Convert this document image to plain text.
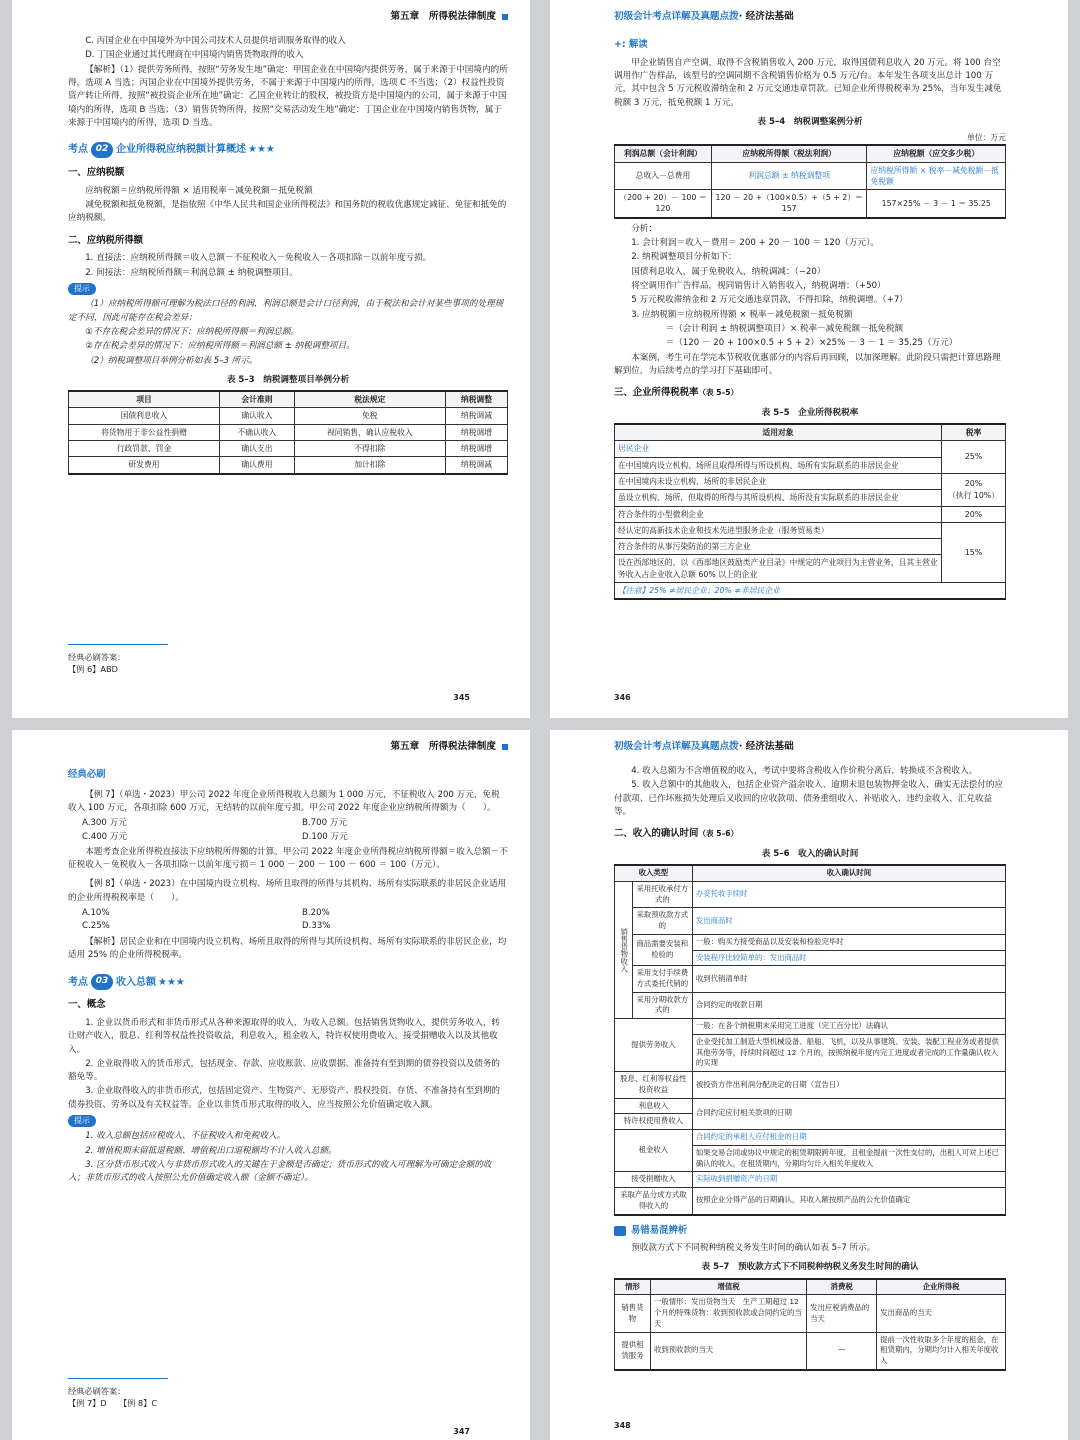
第五章　所得税法律制度

C. 丙国企业在中国境外为中国公司技术人员提供培训服务取得的收入

D. 丁国企业通过其代理商在中国境内销售货物取得的收入

【解析】（1）提供劳务所得，按照“劳务发生地”确定：甲国企业在中国境内提供劳务，属于来源于中国境内的所得，选项 A 当选；丙国企业在中国境外提供劳务，不属于来源于中国境内的所得，选项 C 不当选；（2）权益性投资资产转让所得，按照“被投资企业所在地”确定：乙国企业转让的股权，被投资方是中国境内的公司，属于来源于中国境内的所得，选项 B 当选；（3）销售货物所得，按照“交易活动发生地”确定：丁国企业在中国境内销售货物，属于来源于中国境内的所得，选项 D 当选。

考点 02 企业所得税应纳税额计算概述 ★★★
一、应纳税额

应纳税额＝应纳税所得额 × 适用税率－减免税额－抵免税额

减免税额和抵免税额，是指依照《中华人民共和国企业所得税法》和国务院的税收优惠规定减征、免征和抵免的应纳税额。

二、应纳税所得额

1. 直接法：应纳税所得额＝收入总额－不征税收入－免税收入－各项扣除－以前年度亏损。

2. 间接法：应纳税所得额＝利润总额 ± 纳税调整项目。

提示

（1）应纳税所得额可理解为税法口径的利润，利润总额是会计口径利润，由于税法和会计对某些事项的处理规定不同，因此可能存在税会差异：

①不存在税会差异的情况下：应纳税所得额＝利润总额。

②存在税会差异的情况下：应纳税所得额＝利润总额 ± 纳税调整项目。

（2）纳税调整项目举例分析如表 5–3 所示。

表 5–3　纳税调整项目举例分析
项目	会计准则	税法规定	纳税调整
国债利息收入	确认收入	免税	纳税调减
将货物用于非公益性捐赠	不确认收入	视同销售，确认应税收入	纳税调增
行政罚款、罚金	确认支出	不得扣除	纳税调增
研发费用	确认费用	加计扣除	纳税调减
经典必刷答案：
【例 6】ABD
345
初级会计考点详解及真题点拨 · 经济法基础
+: 解读

甲企业销售自产空调，取得不含税销售收入 200 万元，取得国债利息收入 20 万元。将 100 台空调用作广告样品，该型号的空调同期不含税销售价格为 0.5 万元/台。本年发生各项支出总计 100 万元，其中包含 5 万元税收滞纳金和 2 万元交通违章罚款。已知企业所得税税率为 25%，当年发生减免税额 3 万元，抵免税额 1 万元。

表 5–4　纳税调整案例分析
单位：万元
利润总额（会计利润）	应纳税所得额（税法利润）	应纳税额（应交多少税）
总收入－总费用	利润总额 ± 纳税调整项	应纳税所得额 × 税率－减免税额－抵免税额
（200 + 20）－ 100 ＝ 120	120 － 20 +（100×0.5）+（5 + 2）＝ 157	157×25% － 3 － 1 ＝ 35.25

分析：

1. 会计利润＝收入－费用＝ 200 + 20 － 100 ＝ 120（万元）。

2. 纳税调整项目分析如下：

国债利息收入，属于免税收入，纳税调减：（−20）

将空调用作广告样品，视同销售计入销售收入，纳税调增：（+50）

5 万元税收滞纳金和 2 万元交通违章罚款，不得扣除，纳税调增。（+7）

3. 应纳税额＝应纳税所得额 × 税率－减免税额－抵免税额

＝（会计利润 ± 纳税调整项目）× 税率－减免税额－抵免税额

＝（120 － 20 + 100×0.5 + 5 + 2）×25% － 3 － 1 ＝ 35.25（万元）

本案例，考生可在学完本节税收优惠部分的内容后再回顾，以加深理解。此阶段只需把计算思路理解到位，为后续考点的学习打下基础即可。

三、企业所得税税率（表 5–5）
表 5–5　企业所得税税率
适用对象	税率
居民企业	25%
在中国境内设立机构、场所且取得所得与所设机构、场所有实际联系的非居民企业	
在中国境内未设立机构、场所的非居民企业	20%
（执行 10%）

虽设立机构、场所，但取得的所得与其所设机构、场所没有实际联系的非居民企业	
符合条件的小型微利企业	20%
经认定的高新技术企业和技术先进型服务企业（服务贸易类）	15%
符合条件的从事污染防治的第三方企业	
设在西部地区的，以《西部地区鼓励类产业目录》中规定的产业项目为主营业务，且其主营业务收入占企业收入总额 60% 以上的企业	
【注意】25% ≠居民企业；20% ≠非居民企业	
346
第五章　所得税法律制度
经典必刷

【例 7】（单选・2023）甲公司 2022 年度企业所得税收入总额为 1 000 万元，不征税收入 200 万元，免税收入 100 万元，各项扣除 600 万元，无结转的以前年度亏损。甲公司 2022 年度企业应纳税所得额为（　　）。

A.300 万元	B.700 万元
C.400 万元	D.100 万元

本题考查企业所得税直接法下应纳税所得额的计算。甲公司 2022 年度企业所得税应纳税所得额＝收入总额－不征税收入－免税收入－各项扣除－以前年度亏损＝ 1 000 － 200 － 100 － 600 ＝ 100（万元）。

【例 8】（单选・2023）在中国境内设立机构、场所且取得的所得与其机构、场所有实际联系的非居民企业适用的企业所得税税率是（　　）。

A.10%	B.20%
C.25%	D.33%

【解析】居民企业和在中国境内设立机构、场所且取得的所得与其所设机构、场所有实际联系的非居民企业，均适用 25% 的企业所得税税率。

考点 03 收入总额 ★★★
一、概念

1. 企业以货币形式和非货币形式从各种来源取得的收入，为收入总额。包括销售货物收入，提供劳务收入，转让财产收入，股息、红利等权益性投资收益，利息收入，租金收入，特许权使用费收入，接受捐赠收入以及其他收入。

2. 企业取得收入的货币形式，包括现金、存款、应收账款、应收票据、准备持有至到期的债券投资以及债务的豁免等。

3. 企业取得收入的非货币形式，包括固定资产、生物资产、无形资产、股权投资、存货、不准备持有至到期的债券投资、劳务以及有关权益等。企业以非货币形式取得的收入，应当按照公允价值确定收入额。

提示

1. 收入总额包括应税收入、不征税收入和免税收入。

2. 增值税期末留抵退税额、增值税出口退税额均不计入收入总额。

3. 区分货币形式收入与非货币形式收入的关键在于金额是否确定；货币形式的收入可理解为可确定金额的收入；非货币形式的收入按照公允价值确定收入额（金额不确定）。

经典必刷答案：
【例 7】D　　【例 8】C
347
初级会计考点详解及真题点拨 · 经济法基础

4. 收入总额为不含增值税的收入，考试中要将含税收入作价税分离后，转换成不含税收入。

5. 收入总额中的其他收入，包括企业资产溢余收入、逾期未退包装物押金收入、确实无法偿付的应付款项、已作坏账损失处理后又收回的应收款项、债务重组收入、补贴收入、违约金收入、汇兑收益等。

二、收入的确认时间（表 5–6）
表 5–6　收入的确认时间
收入类型		收入确认时间
销售货物收入	采用托收承付方式的	办妥托收手续时
	采取预收款方式的	发出商品时
	商品需要安装和检验的	一般：购买方接受商品以及安装和检验完毕时
		安装程序比较简单的：发出商品时
	采用支付手续费方式委托代销的	收到代销清单时
	采用分期收款方式的	合同约定的收款日期
提供劳务收入		一般：在各个纳税期末采用完工进度（完工百分比）法确认
		企业受托加工制造大型机械设备、船舶、飞机，以及从事建筑、安装、装配工程业务或者提供其他劳务等，持续时间超过 12 个月的，按照纳税年度内完工进度或者完成的工作量确认收入的实现
股息、红利等权益性投资收益		被投资方作出利润分配决定的日期（宣告日）
利息收入		合同约定应付相关款项的日期
特许权使用费收入		
租金收入		合同约定的承租人应付租金的日期
		如果交易合同或协议中规定的租赁期限跨年度，且租金提前一次性支付的，出租人可对上述已确认的收入，在租赁期内，分期均匀计入相关年度收入
接受捐赠收入		实际收到捐赠资产的日期
采取产品分成方式取得收入的		按照企业分得产品的日期确认，其收入额按照产品的公允价值确定
易错易混辨析

预收款方式下不同税种纳税义务发生时间的确认如表 5–7 所示。

表 5–7　预收款方式下不同税种纳税义务发生时间的确认
情形	增值税	消费税	企业所得税
销售货物	一般情形：发出货物当天　生产工期超过 12 个月的特殊货物：收到预收款或合同约定的当天	发出应税消费品的当天	发出商品的当天
提供租赁服务	收到预收款的当天	—	提前一次性收取多个年度的租金，在租赁期内，分期均匀计入相关年度收入
348
